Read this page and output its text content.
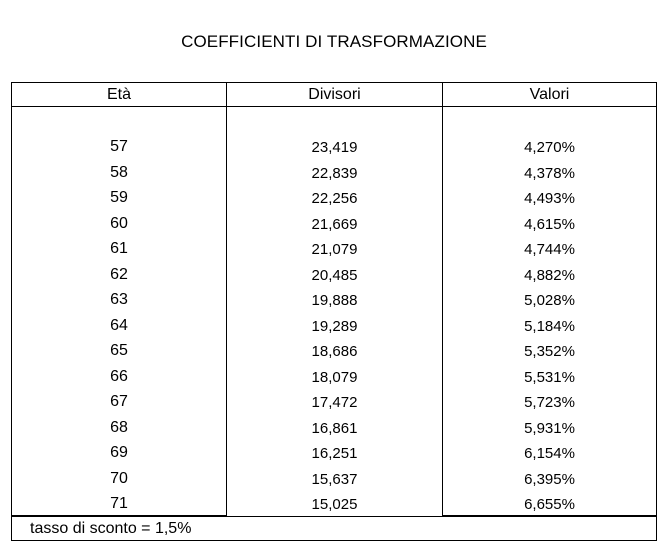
COEFFICIENTI DI TRASFORMAZIONE
Età	Divisori	Valori
57	23,419	4,270%
58	22,839	4,378%
59	22,256	4,493%
60	21,669	4,615%
61	21,079	4,744%
62	20,485	4,882%
63	19,888	5,028%
64	19,289	5,184%
65	18,686	5,352%
66	18,079	5,531%
67	17,472	5,723%
68	16,861	5,931%
69	16,251	6,154%
70	15,637	6,395%
71	15,025	6,655%
tasso di sconto = 1,5%
